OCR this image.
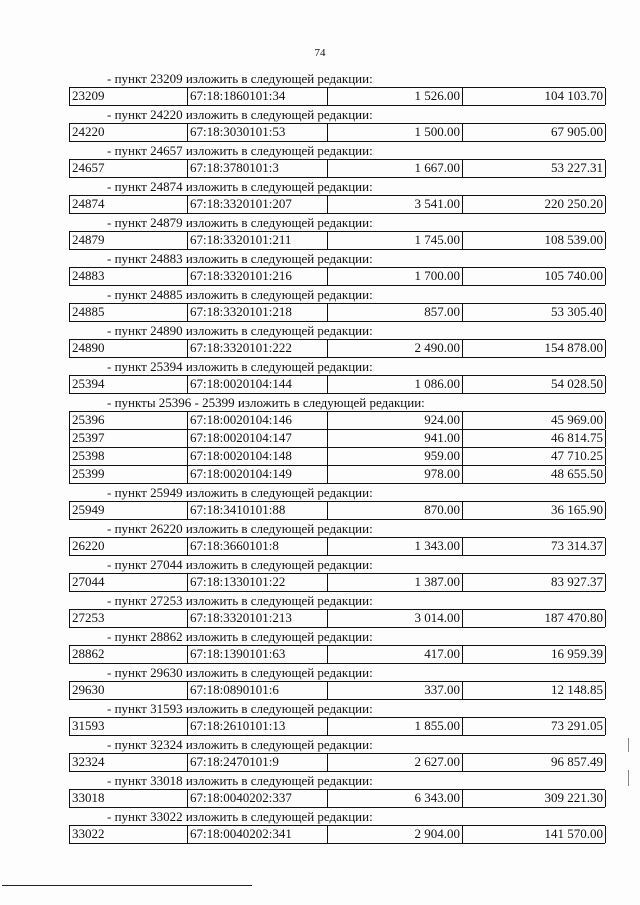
74
- пункт 23209 изложить в следующей редакции:
23209	67:18:1860101:34	1 526.00	104 103.70
- пункт 24220 изложить в следующей редакции:
24220	67:18:3030101:53	1 500.00	67 905.00
- пункт 24657 изложить в следующей редакции:
24657	67:18:3780101:3	1 667.00	53 227.31
- пункт 24874 изложить в следующей редакции:
24874	67:18:3320101:207	3 541.00	220 250.20
- пункт 24879 изложить в следующей редакции:
24879	67:18:3320101:211	1 745.00	108 539.00
- пункт 24883 изложить в следующей редакции:
24883	67:18:3320101:216	1 700.00	105 740.00
- пункт 24885 изложить в следующей редакции:
24885	67:18:3320101:218	857.00	53 305.40
- пункт 24890 изложить в следующей редакции:
24890	67:18:3320101:222	2 490.00	154 878.00
- пункт 25394 изложить в следующей редакции:
25394	67:18:0020104:144	1 086.00	54 028.50
- пункты 25396 - 25399 изложить в следующей редакции:
25396	67:18:0020104:146	924.00	45 969.00
25397	67:18:0020104:147	941.00	46 814.75
25398	67:18:0020104:148	959.00	47 710.25
25399	67:18:0020104:149	978.00	48 655.50
- пункт 25949 изложить в следующей редакции:
25949	67:18:3410101:88	870.00	36 165.90
- пункт 26220 изложить в следующей редакции:
26220	67:18:3660101:8	1 343.00	73 314.37
- пункт 27044 изложить в следующей редакции:
27044	67:18:1330101:22	1 387.00	83 927.37
- пункт 27253 изложить в следующей редакции:
27253	67:18:3320101:213	3 014.00	187 470.80
- пункт 28862 изложить в следующей редакции:
28862	67:18:1390101:63	417.00	16 959.39
- пункт 29630 изложить в следующей редакции:
29630	67:18:0890101:6	337.00	12 148.85
- пункт 31593 изложить в следующей редакции:
31593	67:18:2610101:13	1 855.00	73 291.05
- пункт 32324 изложить в следующей редакции:
32324	67:18:2470101:9	2 627.00	96 857.49
- пункт 33018 изложить в следующей редакции:
33018	67:18:0040202:337	6 343.00	309 221.30
- пункт 33022 изложить в следующей редакции:
33022	67:18:0040202:341	2 904.00	141 570.00
